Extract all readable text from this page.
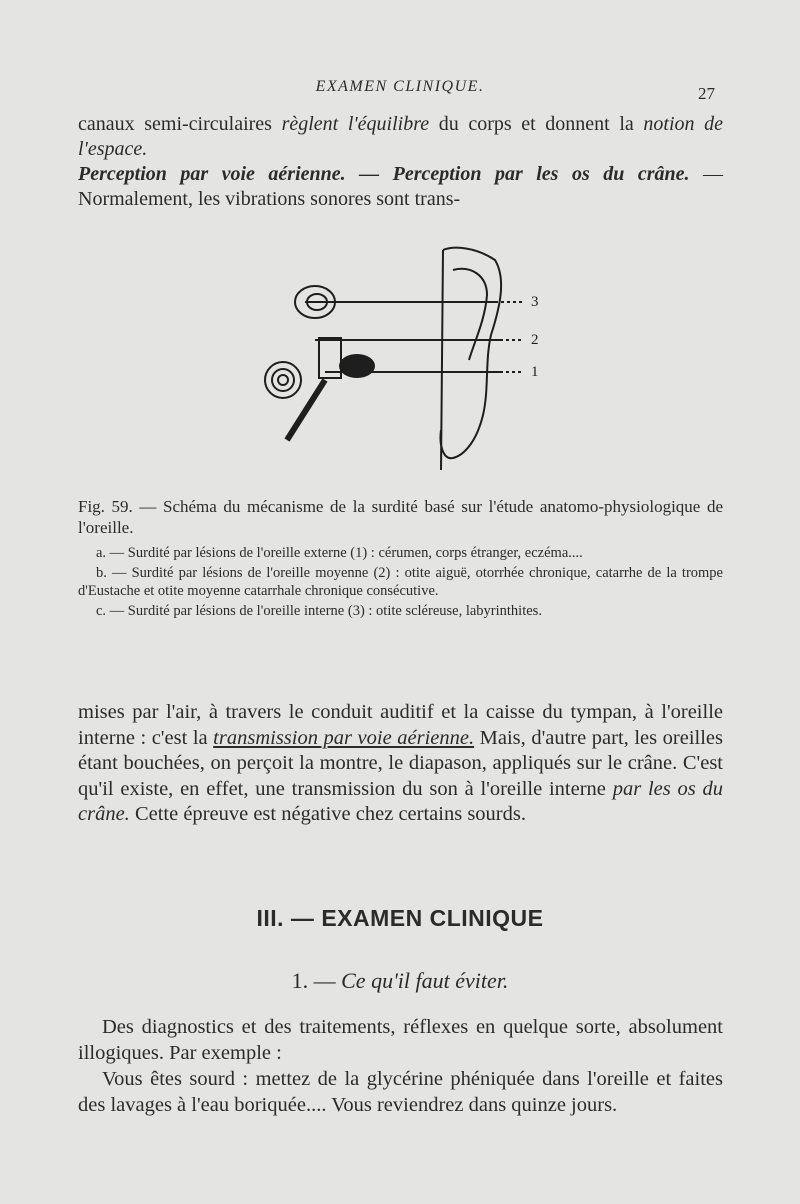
EXAMEN CLINIQUE.	27
canaux semi-circulaires règlent l'équilibre du corps et donnent la notion de l'espace.
Perception par voie aérienne. — Perception par les os du crâne. — Normalement, les vibrations sonores sont trans-
3
2
1
Fig. 59. — Schéma du mécanisme de la surdité basé sur l'étude anatomo-physiologique de l'oreille.

a. — Surdité par lésions de l'oreille externe (1) : cérumen, corps étranger, eczéma....

b. — Surdité par lésions de l'oreille moyenne (2) : otite aiguë, otorrhée chronique, catarrhe de la trompe d'Eustache et otite moyenne catarrhale chronique consécutive.

c. — Surdité par lésions de l'oreille interne (3) : otite scléreuse, labyrinthites.

mises par l'air, à travers le conduit auditif et la caisse du tympan, à l'oreille interne : c'est la transmission par voie aérienne. Mais, d'autre part, les oreilles étant bouchées, on perçoit la montre, le diapason, appliqués sur le crâne. C'est qu'il existe, en effet, une transmission du son à l'oreille interne par les os du crâne. Cette épreuve est négative chez certains sourds.
III. — EXAMEN CLINIQUE
1. — Ce qu'il faut éviter.

Des diagnostics et des traitements, réflexes en quelque sorte, absolument illogiques. Par exemple :

Vous êtes sourd : mettez de la glycérine phéniquée dans l'oreille et faites des lavages à l'eau boriquée.... Vous reviendrez dans quinze jours.
